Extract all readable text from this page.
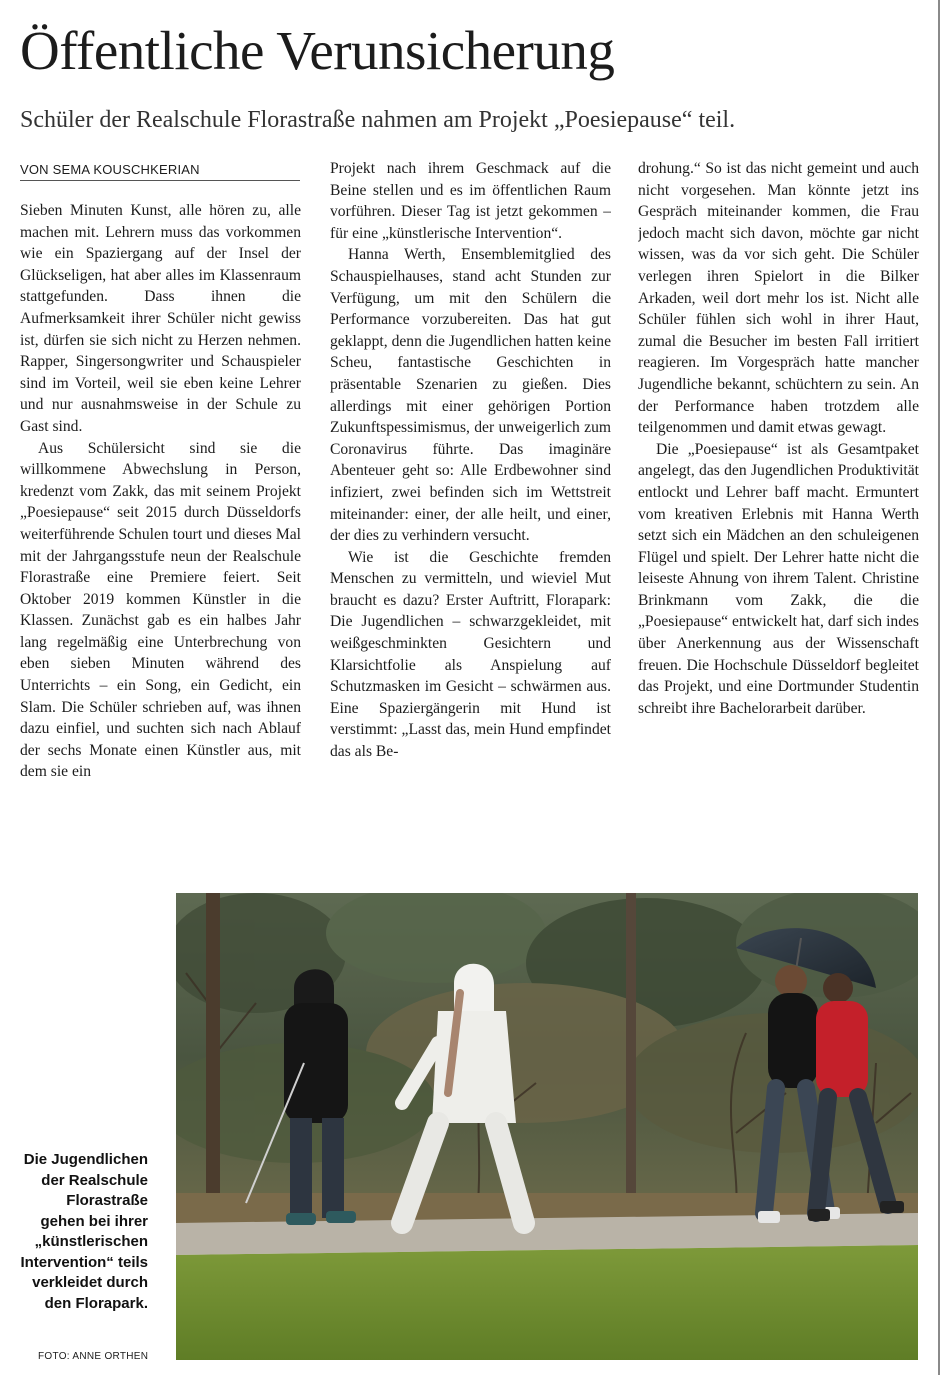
Öffentliche Verunsicherung
Schüler der Realschule Florastraße nahmen am Projekt „Poesiepause“ teil.
VON SEMA KOUSCHKERIAN

Sieben Minuten Kunst, alle hören zu, alle machen mit. Lehrern muss das vorkommen wie ein Spaziergang auf der Insel der Glückseligen, hat aber alles im Klassenraum stattgefunden. Dass ihnen die Aufmerksamkeit ihrer Schüler nicht gewiss ist, dürfen sie sich nicht zu Herzen nehmen. Rapper, Singersongwriter und Schauspieler sind im Vorteil, weil sie eben keine Lehrer und nur ausnahmsweise in der Schule zu Gast sind.

Aus Schülersicht sind sie die willkommene Abwechslung in Person, kredenzt vom Zakk, das mit seinem Projekt „Poesiepause“ seit 2015 durch Düsseldorfs weiterführende Schulen tourt und dieses Mal mit der Jahrgangsstufe neun der Realschule Florastraße eine Premiere feiert. Seit Oktober 2019 kommen Künstler in die Klassen. Zunächst gab es ein halbes Jahr lang regelmäßig eine Unterbrechung von eben sieben Minuten während des Unterrichts – ein Song, ein Gedicht, ein Slam. Die Schüler schrieben auf, was ihnen dazu einfiel, und suchten sich nach Ablauf der sechs Monate einen Künstler aus, mit dem sie ein

Projekt nach ihrem Geschmack auf die Beine stellen und es im öffentlichen Raum vorführen. Dieser Tag ist jetzt gekommen – für eine „künstlerische Intervention“.

Hanna Werth, Ensemblemitglied des Schauspielhauses, stand acht Stunden zur Verfügung, um mit den Schülern die Performance vorzubereiten. Das hat gut geklappt, denn die Jugendlichen hatten keine Scheu, fantastische Geschichten in präsentable Szenarien zu gießen. Dies allerdings mit einer gehörigen Portion Zukunftspessimismus, der unweigerlich zum Coronavirus führte. Das imaginäre Abenteuer geht so: Alle Erdbewohner sind infiziert, zwei befinden sich im Wettstreit miteinander: einer, der alle heilt, und einer, der dies zu verhindern versucht.

Wie ist die Geschichte fremden Menschen zu vermitteln, und wieviel Mut braucht es dazu? Erster Auftritt, Florapark: Die Jugendlichen – schwarzgekleidet, mit weißgeschminkten Gesichtern und Klarsichtfolie als Anspielung auf Schutzmasken im Gesicht – schwärmen aus. Eine Spaziergängerin mit Hund ist verstimmt: „Lasst das, mein Hund empfindet das als Be-

drohung.“ So ist das nicht gemeint und auch nicht vorgesehen. Man könnte jetzt ins Gespräch miteinander kommen, die Frau jedoch macht sich davon, möchte gar nicht wissen, was da vor sich geht. Die Schüler verlegen ihren Spielort in die Bilker Arkaden, weil dort mehr los ist. Nicht alle Schüler fühlen sich wohl in ihrer Haut, zumal die Besucher im besten Fall irritiert reagieren. Im Vorgespräch hatte mancher Jugendliche bekannt, schüchtern zu sein. An der Performance haben trotzdem alle teilgenommen und damit etwas gewagt.

Die „Poesiepause“ ist als Gesamtpaket angelegt, das den Jugendlichen Produktivität entlockt und Lehrer baff macht. Ermuntert vom kreativen Erlebnis mit Hanna Werth setzt sich ein Mädchen an den schuleigenen Flügel und spielt. Der Lehrer hatte nicht die leiseste Ahnung von ihrem Talent. Christine Brinkmann vom Zakk, die die „Poesiepause“ entwickelt hat, darf sich indes über Anerkennung aus der Wissenschaft freuen. Die Hochschule Düsseldorf begleitet das Projekt, und eine Dortmunder Studentin schreibt ihre Bachelorarbeit darüber.

Die Jugendlichen der Realschule Florastraße gehen bei ihrer „künstlerischen Intervention“ teils verkleidet durch den Florapark.
FOTO: ANNE ORTHEN
